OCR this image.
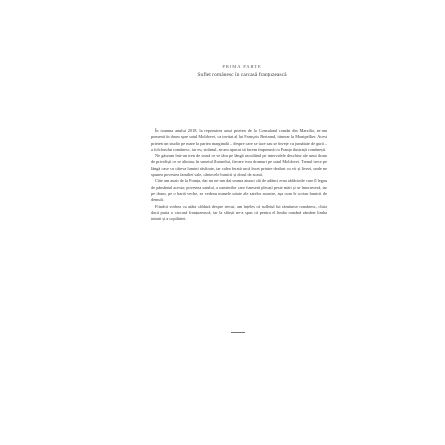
PRIMA PARTE
Suflet românesc în carcasă franțuzească

În toamna anului 2018, la reprimirea unui prieten de la Consulatul român din Marsilia, m-am pomenit în drum spre satul Moldovei, ca invitat al lui François Bertrand, itinerar la Montpellier. Acest prieten un studio pe mare la partea marginală – despre care se tace sau se învețe cu jumătate de gură – a folclorului românesc, iar eu, străinul, m-am apucat să facem împreună cu Franța ilustrații românești.

Ne găseam într-un tren de seară ce se târa pe lângă ascultând pe intervalele deschise ale unui drum de priveliști ce se aliniau, în sunetul fluturelui, fiecare ivea drumuri pe satul Moldovei. Trenul trece pe lângă case cu câteva lumini răsfirate, iar calea ferată urcă încet printre dealuri cu vii și livezi, unde ne spunea povestea familiei sale, cântecele bunicii și dorul de acasă.

Câte am auzit de la Franța, dar nu ne-am dat seama atunci cât de adânci erau rădăcinile care îl legau de pământul acesta; povestea satului, a oamenilor care fuseseră plecați peste mări și se întorseseră, iar pe drum, pe o hartă veche, se vedeau numele uitate ale satelor noastre, așa cum le scriau bunicii de demult.

Fiindcă vorbea cu atâta căldură despre trecut, am înțeles că sufletul lui rămăsese românesc, chiar dacă purta o carcasă franțuzească, iar la sfârșit ne-a spus că pentru el limba română rămâne limba inimii și a copilăriei.
